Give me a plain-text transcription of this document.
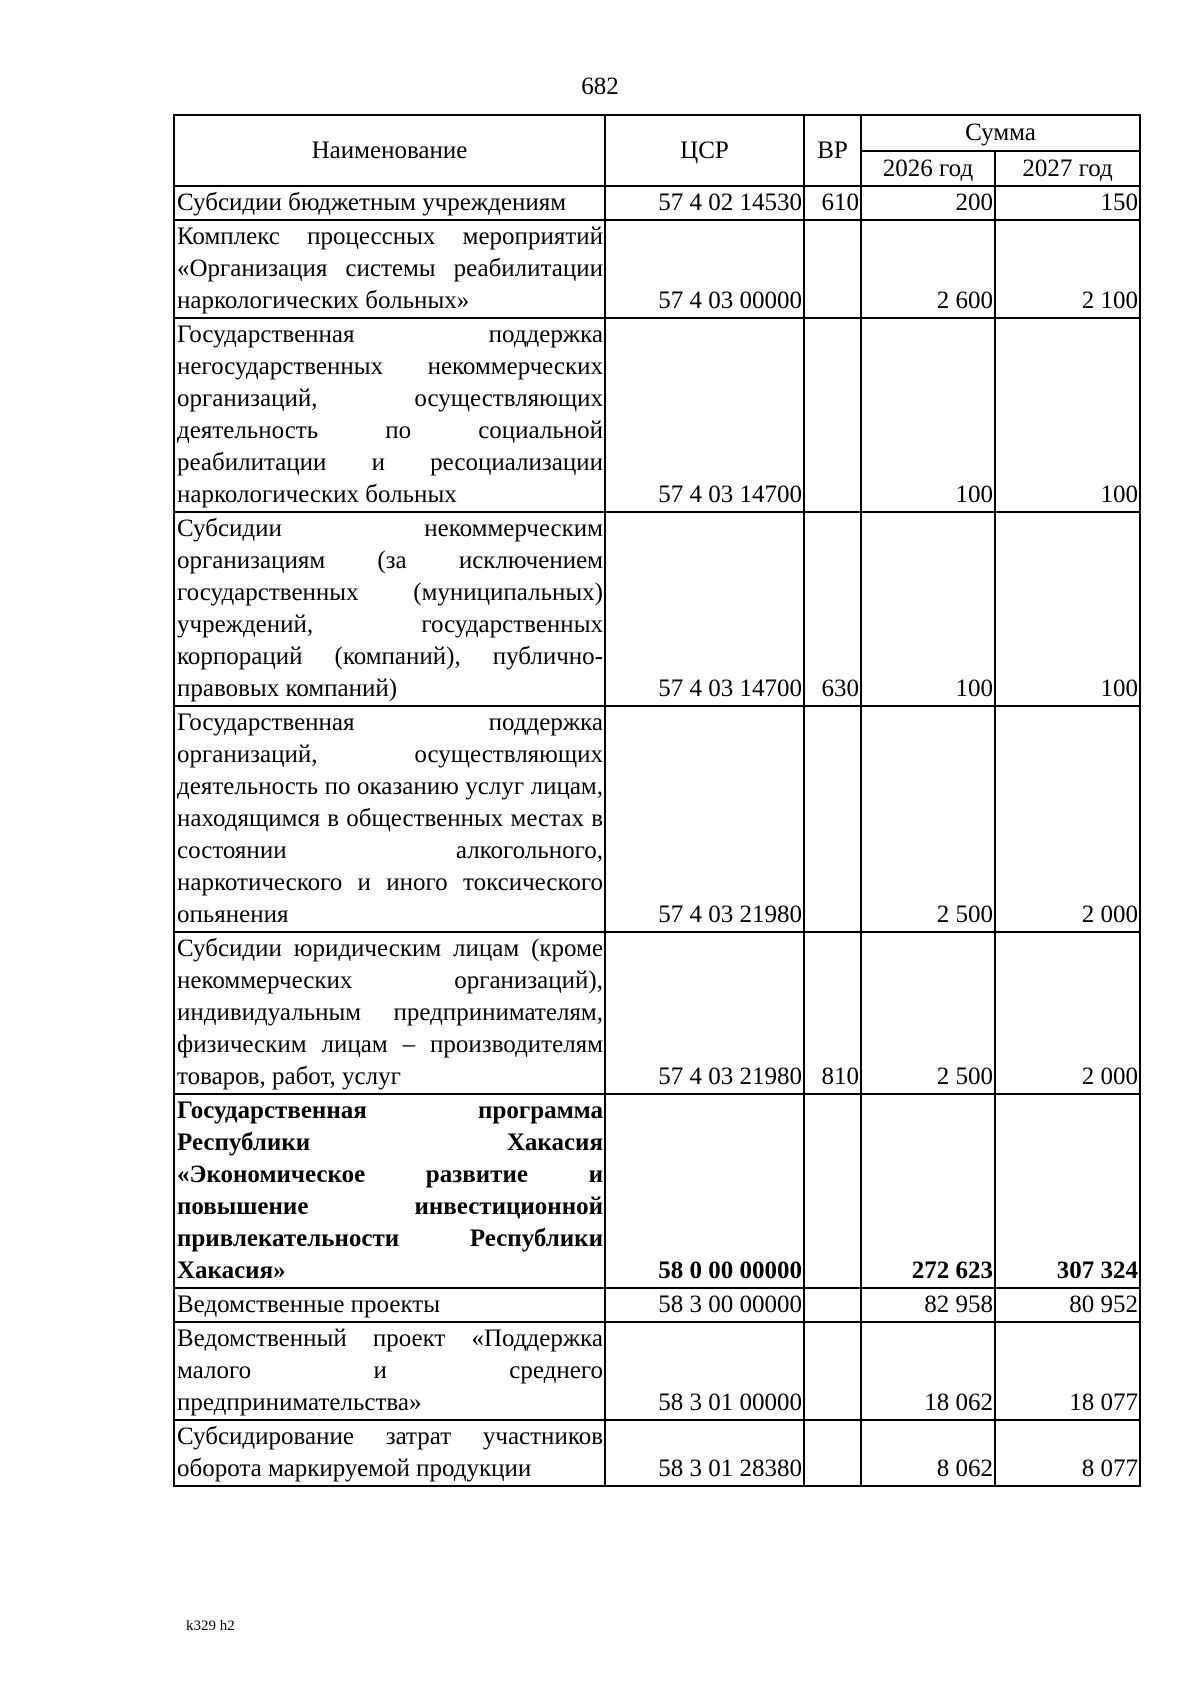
682
Наименование	ЦСР	ВР	Сумма	
			2026 год	2027 год
Субсидии бюджетным учреждениям	57 4 02 14530	610	200	150
Комплекс процессных мероприятий «Организация системы реабилитации наркологических больных»	57 4 03 00000		2 600	2 100
Государственная поддержка негосударственных некоммерческих организаций, осуществляющих деятельность по социальной реабилитации и ресоциализации наркологических больных	57 4 03 14700		100	100
Субсидии некоммерческим организациям (за исключением государственных (муниципальных) учреждений, государственных корпораций (компаний), публично-правовых компаний)	57 4 03 14700	630	100	100
Государственная поддержка организаций, осуществляющих деятельность по оказанию услуг лицам, находящимся в общественных местах в состоянии алкогольного, наркотического и иного токсического опьянения	57 4 03 21980		2 500	2 000
Субсидии юридическим лицам (кроме некоммерческих организаций), индивидуальным предпринимателям, физическим лицам – производителям товаров, работ, услуг	57 4 03 21980	810	2 500	2 000
Государственная программа Республики Хакасия «Экономическое развитие и повышение инвестиционной привлекательности Республики Хакасия»	58 0 00 00000		272 623	307 324
Ведомственные проекты	58 3 00 00000		82 958	80 952
Ведомственный проект «Поддержка малого и среднего предпринимательства»	58 3 01 00000		18 062	18 077
Субсидирование затрат участников оборота маркируемой продукции	58 3 01 28380		8 062	8 077
k329 h2
